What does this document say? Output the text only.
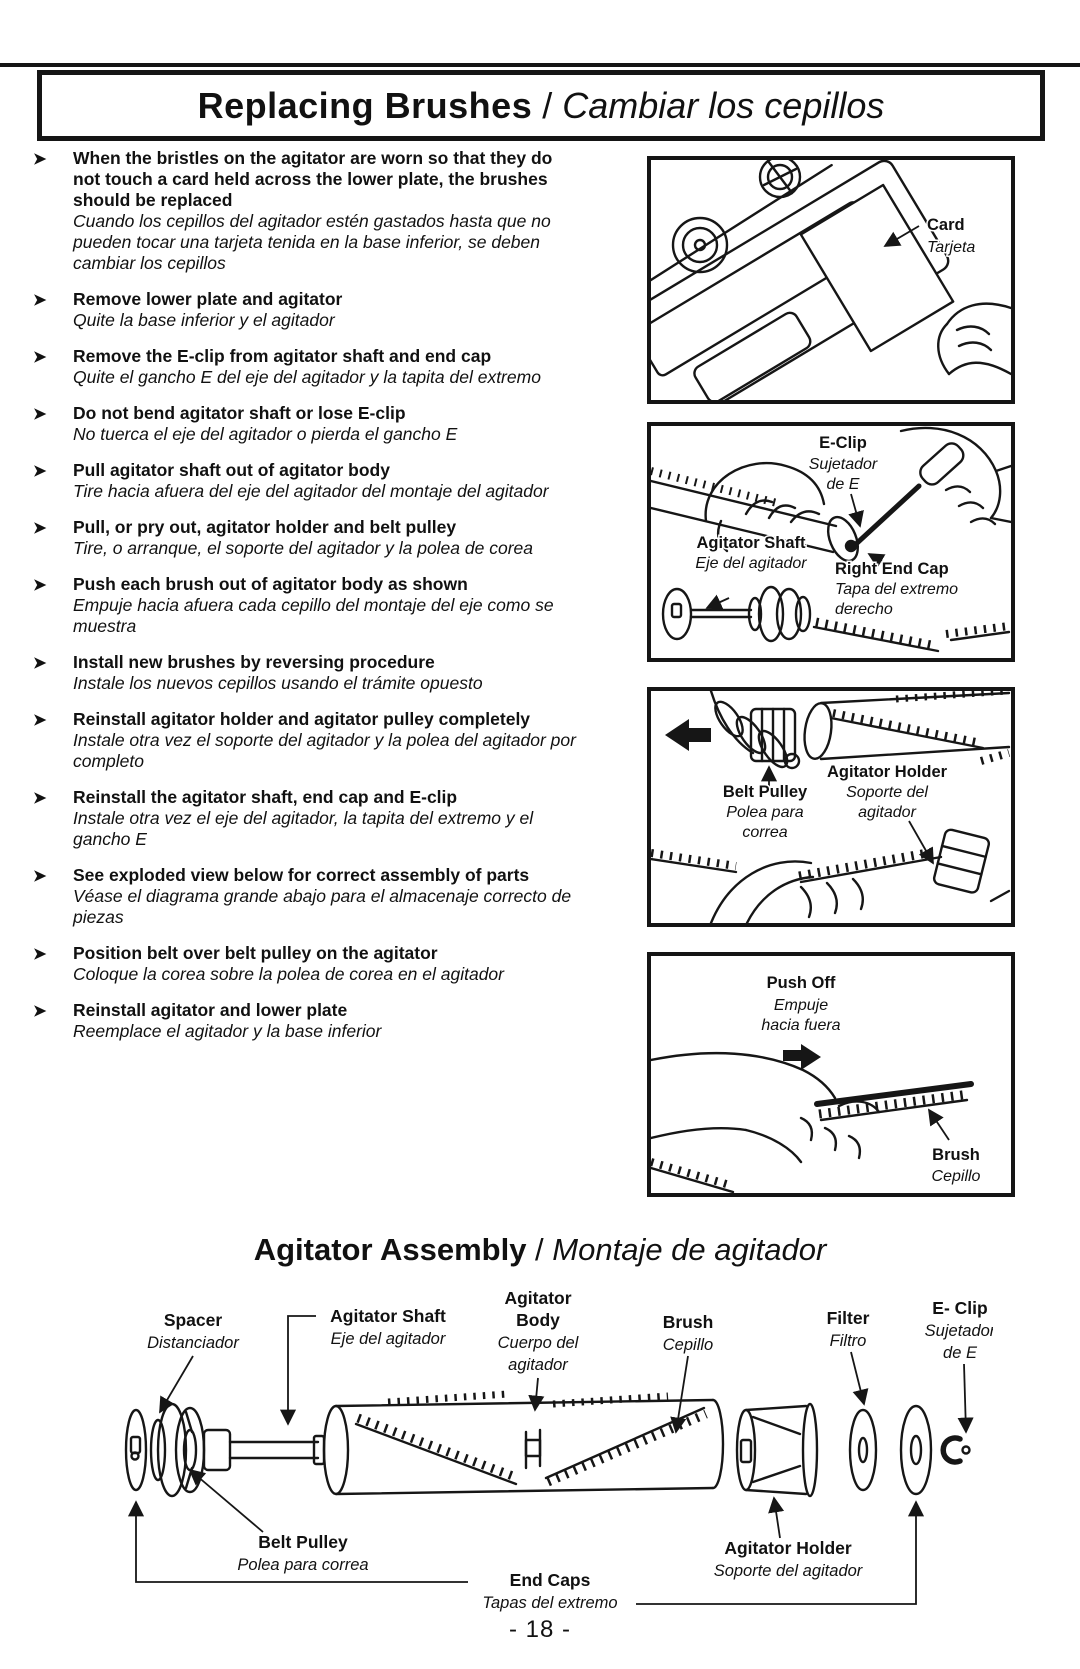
Replacing Brushes / Cambiar los cepillos
➤	When the bristles on the agitator are worn so that they do not touch a card held across the lower plate, the brushes should be replaced
Cuando los cepillos del agitador estén gastados hasta que no pueden tocar una tarjeta tenida en la base inferior, se deben cambiar los cepillos
➤	Remove lower plate and agitator
Quite la base inferior y el agitador
➤	Remove the E-clip from agitator shaft and end cap
Quite el gancho E del eje del agitador y la tapita del extremo
➤	Do not bend agitator shaft or lose E-clip
No tuerca el eje del agitador o pierda el gancho E
➤	Pull agitator shaft out of agitator body
Tire hacia afuera del eje del agitador del montaje del agitador
➤	Pull, or pry out, agitator holder and belt pulley
Tire, o arranque, el soporte del agitador y la polea de corea
➤	Push each brush out of agitator body as shown
Empuje hacia afuera cada cepillo del montaje del eje como se muestra
➤	Install new brushes by reversing procedure
Instale los nuevos cepillos usando el trámite opuesto
➤	Reinstall agitator holder and agitator pulley completely
Instale otra vez el soporte del agitador y la polea del agitador por completo
➤	Reinstall the agitator shaft, end cap and E-clip
Instale otra vez el eje del agitador, la tapita del extremo y el gancho E
➤	See exploded view below for correct assembly of parts
Véase el diagrama grande abajo para el almacenaje correcto de piezas
➤	Position belt over belt pulley on the agitator
Coloque la corea sobre la polea de corea en el agitador
➤	Reinstall agitator and lower plate
Reemplace el agitador y la base inferior
Card
Tarjeta
E-Clip
Sujetador
de E
Agitator Shaft
Eje del agitador Right End Cap
Tapa del extremo
derecho
Agitator Holder
Soporte del
agitador
Belt Pulley
Polea para
correa
Push Off
Empuje
hacia fuera
Brush
Cepillo
Agitator Assembly / Montaje de agitador
Spacer
Distanciador
Agitator Shaft
Eje del agitador
Agitator
Body
Cuerpo del
agitador
Brush
Cepillo
Filter
Filtro
E- Clip
Sujetador
de E
Belt Pulley
Polea para correa
End Caps
Tapas del extremo
Agitator Holder
Soporte del agitador
- 18 -
